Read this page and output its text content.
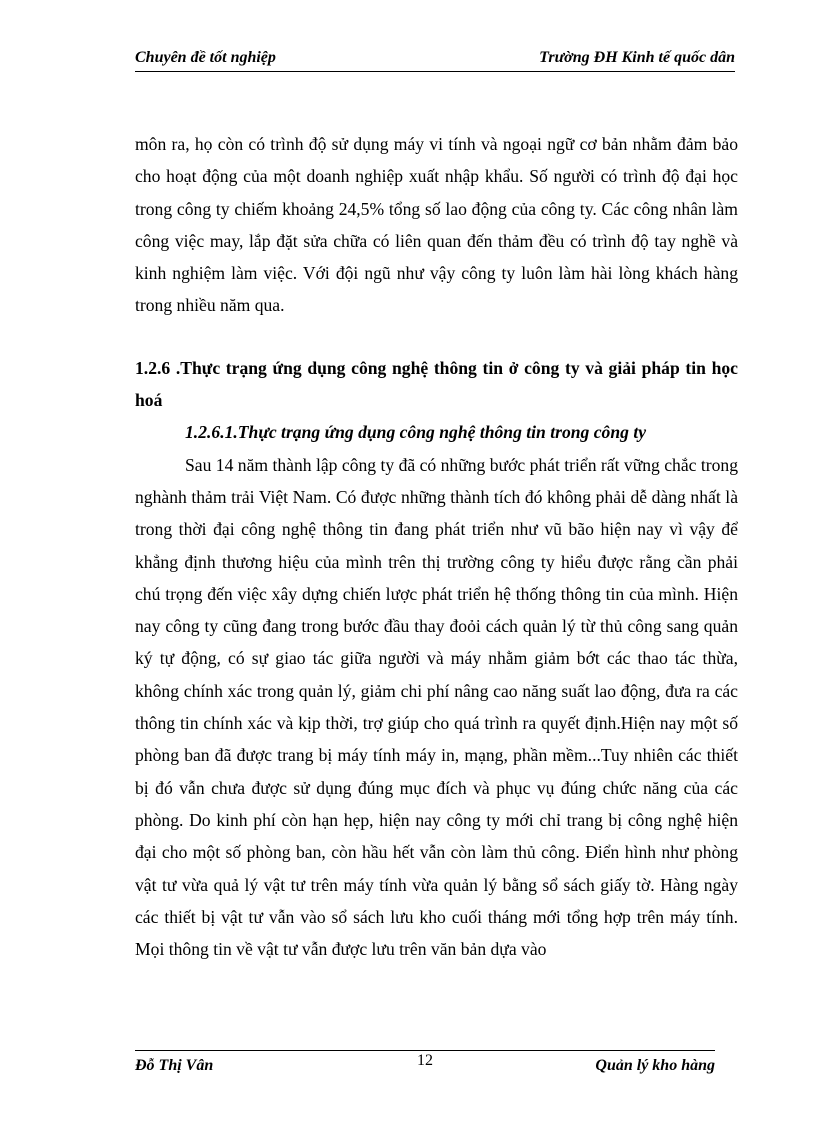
Chuyên đề tốt nghiệp	Trường ĐH Kinh tế quốc dân

môn ra, họ còn có trình độ sử dụng máy vi tính và ngoại ngữ cơ bản nhằm đảm bảo cho hoạt động của một doanh nghiệp xuất nhập khẩu. Số người có trình độ đại học trong công ty chiếm khoảng 24,5% tổng số lao động của công ty. Các công nhân làm công việc may, lắp đặt sửa chữa có liên quan đến thảm đều có trình độ tay nghề và kinh nghiệm làm việc. Với đội ngũ như vậy công ty luôn làm hài lòng khách hàng trong nhiều năm qua.

1.2.6 .Thực trạng ứng dụng công nghệ thông tin ở công ty và giải pháp tin học hoá

1.2.6.1.Thực trạng ứng dụng công nghệ thông tin trong công ty

Sau 14 năm thành lập công ty đã có những bước phát triển rất vững chắc trong nghành thảm trải Việt Nam. Có được những thành tích đó không phải dễ dàng nhất là trong thời đại công nghệ thông tin đang phát triển như vũ bão hiện nay vì vậy để khẳng định thương hiệu của mình trên thị trường công ty hiểu được rằng cần phải chú trọng đến việc xây dựng chiến lược phát triển hệ thống thông tin của mình. Hiện nay công ty cũng đang trong bước đầu thay đoỏi cách quản lý từ thủ công sang quản ký tự động, có sự giao tác giữa người và máy nhằm giảm bớt các thao tác thừa, không chính xác trong quản lý, giảm chi phí nâng cao năng suất lao động, đưa ra các thông tin chính xác và kịp thời, trợ giúp cho quá trình ra quyết định.Hiện nay một số phòng ban đã được trang bị máy tính máy in, mạng, phần mềm...Tuy nhiên các thiết bị đó vẫn chưa được sử dụng đúng mục đích và phục vụ đúng chức năng của các phòng. Do kinh phí còn hạn hẹp, hiện nay công ty mới chỉ trang bị công nghệ hiện đại cho một số phòng ban, còn hầu hết vẫn còn làm thủ công. Điển hình như phòng vật tư vừa quả lý vật tư trên máy tính vừa quản lý bằng sổ sách giấy tờ. Hàng ngày các thiết bị vật tư vẫn vào sổ sách lưu kho cuối tháng mới tổng hợp trên máy tính. Mọi thông tin về vật tư vẫn được lưu trên văn bản dựa vào

Đỗ Thị Vân	12	Quản lý kho hàng
